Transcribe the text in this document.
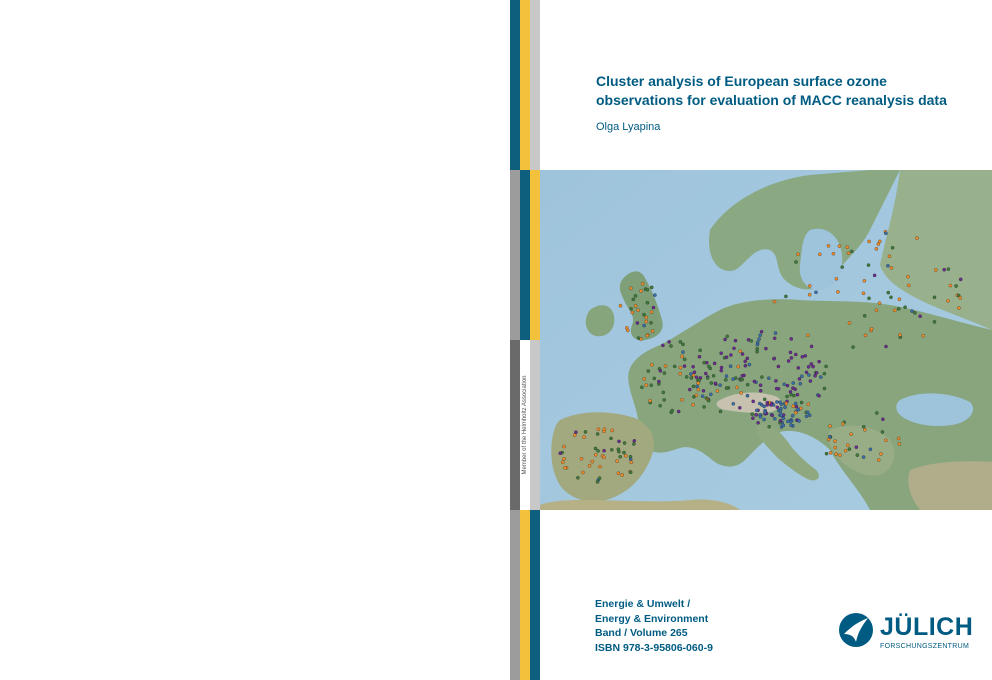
Member of the Helmholtz Association
Cluster analysis of European surface ozone
observations for evaluation of MACC reanalysis data
Olga Lyapina
Energie & Umwelt /
Energy & Environment
Band / Volume 265
ISBN 978-3-95806-060-9
JÜLICH
FORSCHUNGSZENTRUM
